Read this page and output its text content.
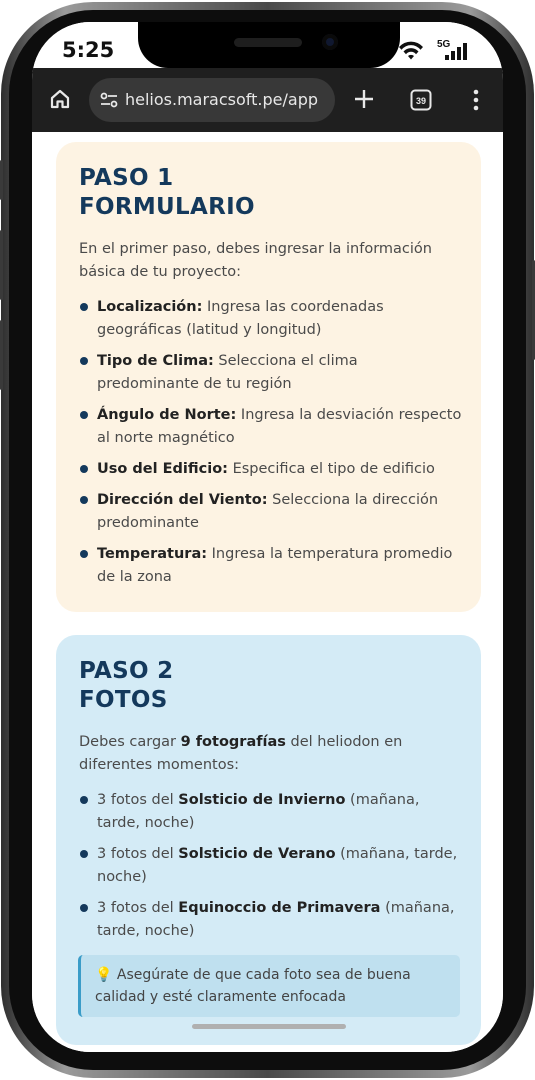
5:25	5G
helios.maracsoft.pe/app	39
PASO 1
FORMULARIO
En el primer paso, debes ingresar la información básica de tu proyecto:
Localización: Ingresa las coordenadas geográficas (latitud y longitud)
Tipo de Clima: Selecciona el clima predominante de tu región
Ángulo de Norte: Ingresa la desviación respecto al norte magnético
Uso del Edificio: Especifica el tipo de edificio
Dirección del Viento: Selecciona la dirección predominante
Temperatura: Ingresa la temperatura promedio de la zona
PASO 2
FOTOS
Debes cargar 9 fotografías del heliodon en diferentes momentos:
3 fotos del Solsticio de Invierno (mañana, tarde, noche)
3 fotos del Solsticio de Verano (mañana, tarde, noche)
3 fotos del Equinoccio de Primavera (mañana, tarde, noche)
💡 Asegúrate de que cada foto sea de buena calidad y esté claramente enfocada
